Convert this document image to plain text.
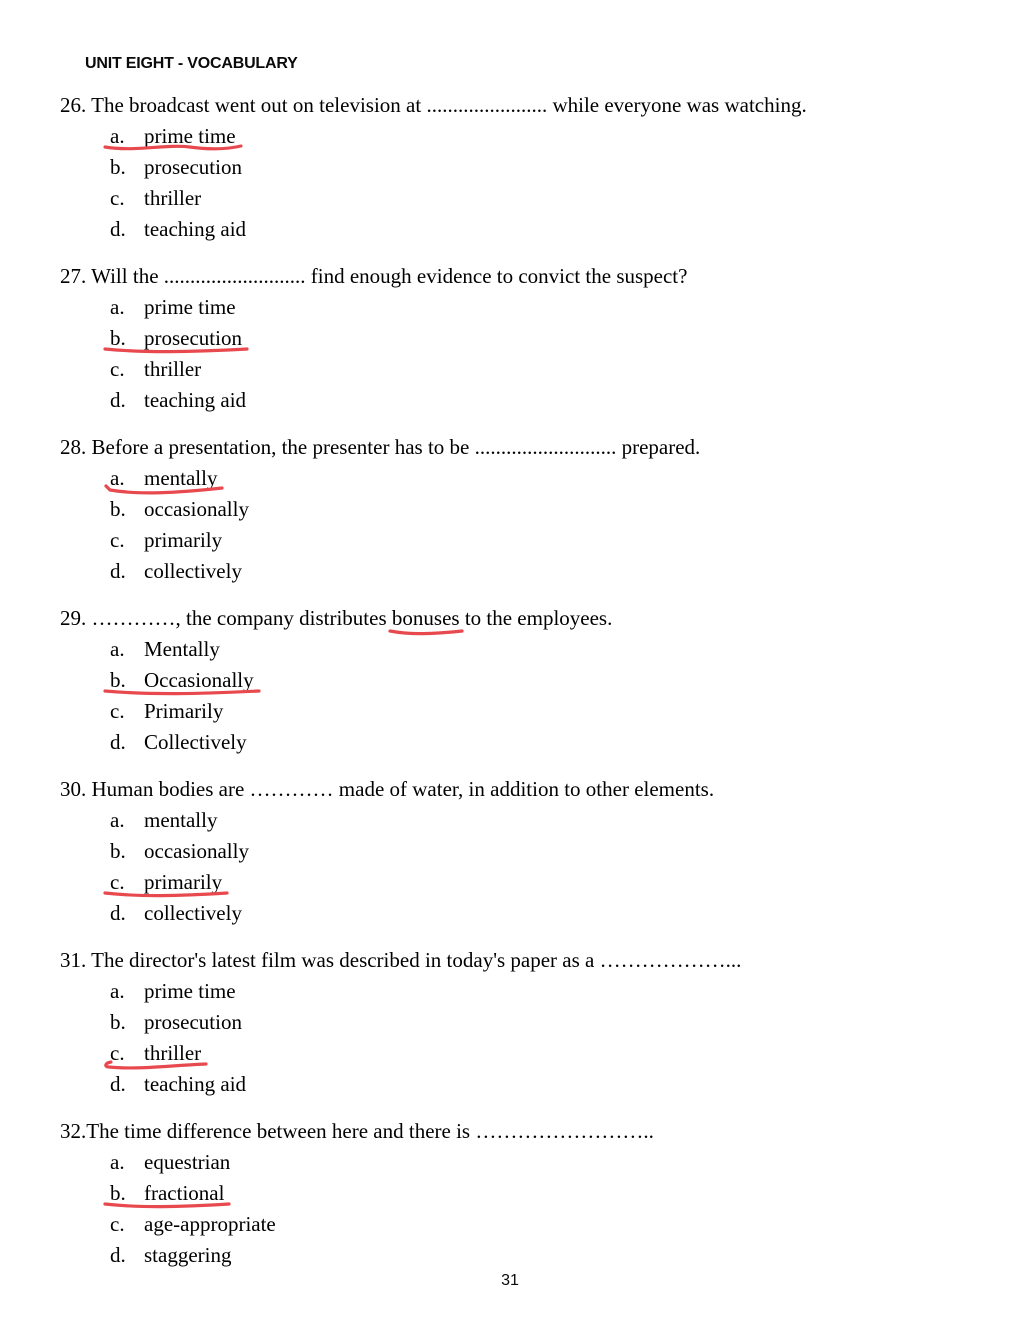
UNIT EIGHT - VOCABULARY
26. The broadcast went out on television at ....................... while everyone was watching.
a. prime time
b. prosecution
c. thriller
d. teaching aid
27. Will the ........................... find enough evidence to convict the suspect?
a. prime time
b. prosecution
c. thriller
d. teaching aid
28. Before a presentation, the presenter has to be ........................... prepared.
a. mentally
b. occasionally
c. primarily
d. collectively
29. …………, the company distributes bonuses
to the employees.
a. Mentally
b. Occasionally
c. Primarily
d. Collectively
30. Human bodies are ………… made of water, in addition to other elements.
a. mentally
b. occasionally
c. primarily
d. collectively
31. The director's latest film was described in today's paper as a ………………...
a. prime time
b. prosecution
c. thriller
d. teaching aid
32.The time difference between here and there is ……………………..
a. equestrian
b. fractional
c. age-appropriate
d. staggering
31
